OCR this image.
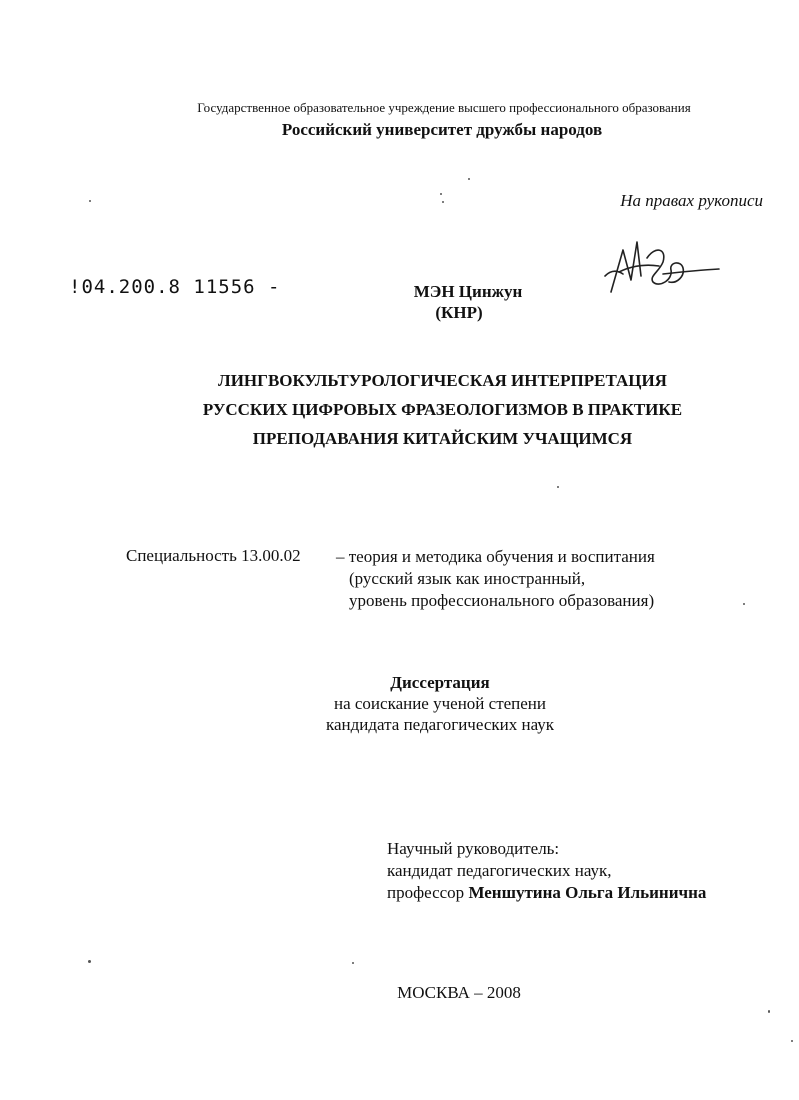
Государственное образовательное учреждение высшего профессионального образования
Российский университет дружбы народов
На правах рукописи
!04.200.8 11556 -	МЭН Цинжун
(КНР)
ЛИНГВОКУЛЬТУРОЛОГИЧЕСКАЯ ИНТЕРПРЕТАЦИЯ
РУССКИХ ЦИФРОВЫХ ФРАЗЕОЛОГИЗМОВ В ПРАКТИКЕ
ПРЕПОДАВАНИЯ КИТАЙСКИМ УЧАЩИМСЯ
Специальность 13.00.02 – теория и методика обучения и воспитания
(русский язык как иностранный,
уровень профессионального образования)
Диссертация
на соискание ученой степени
кандидата педагогических наук
Научный руководитель:
кандидат педагогических наук,
профессор Меншутина Ольга Ильинична
МОСКВА – 2008
